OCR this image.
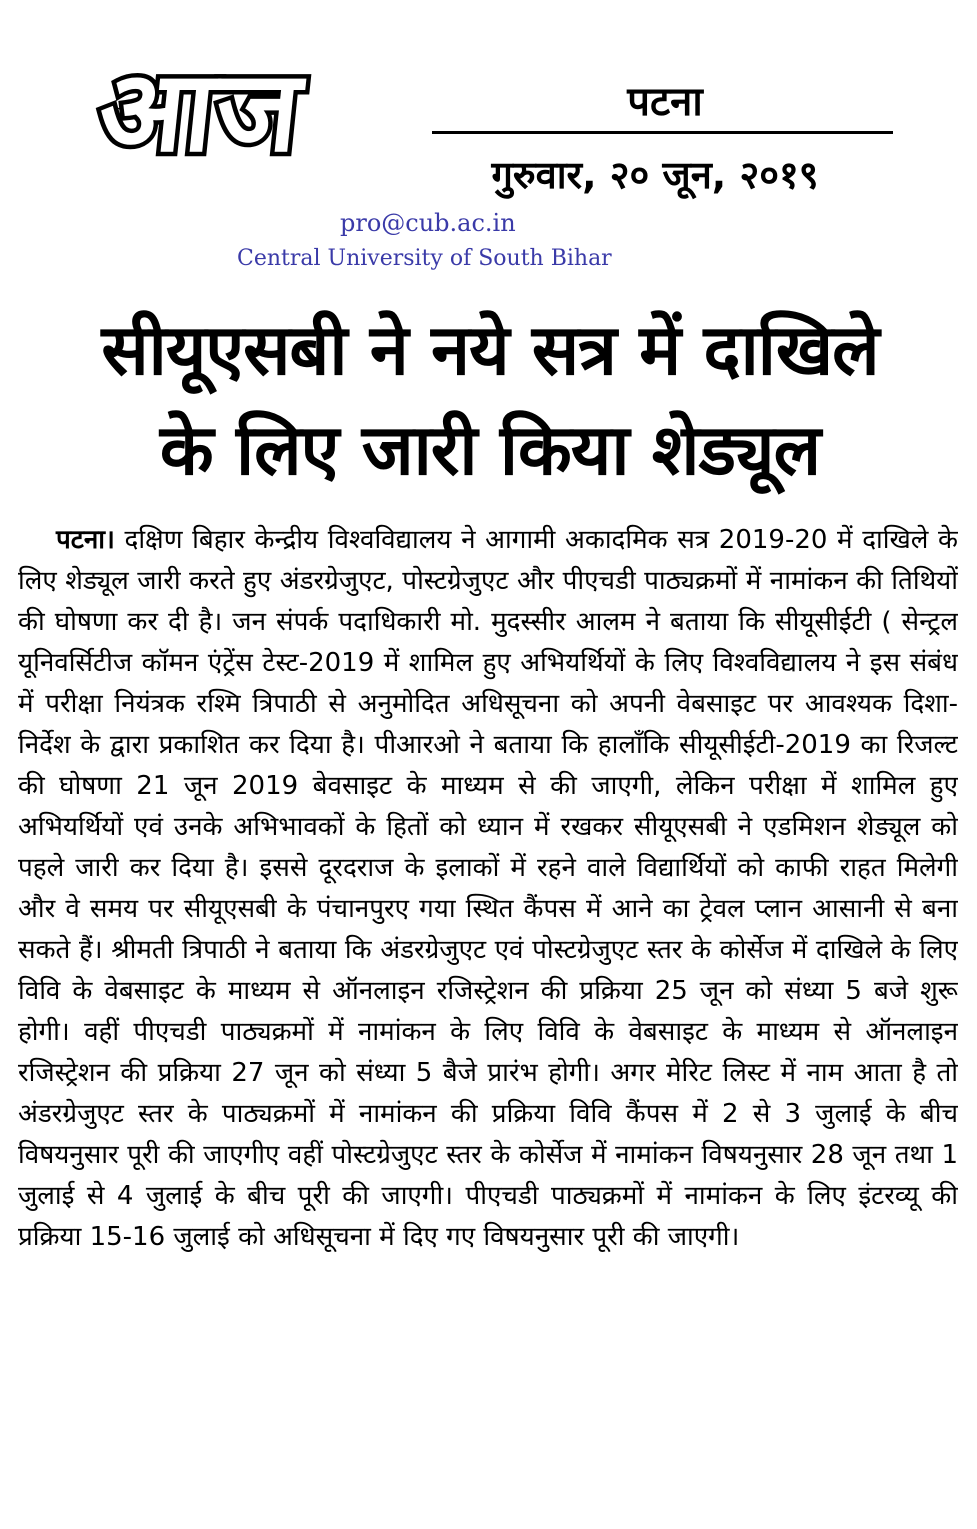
आज	पटना
गुरुवार, २० जून, २०१९
pro@cub.ac.in
Central University of South Bihar
सीयूएसबी ने नये सत्र में दाखिले
के लिए जारी किया शेड्यूल
पटना। दक्षिण बिहार केन्द्रीय विश्वविद्यालय ने आगामी अकादमिक सत्र 2019-20 में दाखिले के लिए शेड्यूल जारी करते हुए अंडरग्रेजुएट, पोस्टग्रेजुएट और पीएचडी पाठ्यक्रमों में नामांकन की तिथियों की घोषणा कर दी है। जन संपर्क पदाधिकारी मो. मुदस्सीर आलम ने बताया कि सीयूसीईटी ( सेन्ट्रल यूनिवर्सिटीज कॉमन एंट्रेंस टेस्ट-2019 में शामिल हुए अभियर्थियों के लिए विश्वविद्यालय ने इस संबंध में परीक्षा नियंत्रक रश्मि त्रिपाठी से अनुमोदित अधिसूचना को अपनी वेबसाइट पर आवश्यक दिशा-निर्देश के द्वारा प्रकाशित कर दिया है। पीआरओ ने बताया कि हालाँकि सीयूसीईटी-2019 का रिजल्ट की घोषणा 21 जून 2019 बेवसाइट के माध्यम से की जाएगी, लेकिन परीक्षा में शामिल हुए अभियर्थियों एवं उनके अभिभावकों के हितों को ध्यान में रखकर सीयूएसबी ने एडमिशन शेड्यूल को पहले जारी कर दिया है। इससे दूरदराज के इलाकों में रहने वाले विद्यार्थियों को काफी राहत मिलेगी और वे समय पर सीयूएसबी के पंचानपुरए गया स्थित कैंपस में आने का ट्रेवल प्लान आसानी से बना सकते हैं। श्रीमती त्रिपाठी ने बताया कि अंडरग्रेजुएट एवं पोस्टग्रेजुएट स्तर के कोर्सेज में दाखिले के लिए विवि के वेबसाइट के माध्यम से ऑनलाइन रजिस्ट्रेशन की प्रक्रिया 25 जून को संध्या 5 बजे शुरू होगी। वहीं पीएचडी पाठ्यक्रमों में नामांकन के लिए विवि के वेबसाइट के माध्यम से ऑनलाइन रजिस्ट्रेशन की प्रक्रिया 27 जून को संध्या 5 बैजे प्रारंभ होगी। अगर मेरिट लिस्ट में नाम आता है तो अंडरग्रेजुएट स्तर के पाठ्यक्रमों में नामांकन की प्रक्रिया विवि कैंपस में 2 से 3 जुलाई के बीच विषयनुसार पूरी की जाएगीए वहीं पोस्टग्रेजुएट स्तर के कोर्सेज में नामांकन विषयनुसार 28 जून तथा 1 जुलाई से 4 जुलाई के बीच पूरी की जाएगी। पीएचडी पाठ्यक्रमों में नामांकन के लिए इंटरव्यू की प्रक्रिया 15-16 जुलाई को अधिसूचना में दिए गए विषयनुसार पूरी की जाएगी।
